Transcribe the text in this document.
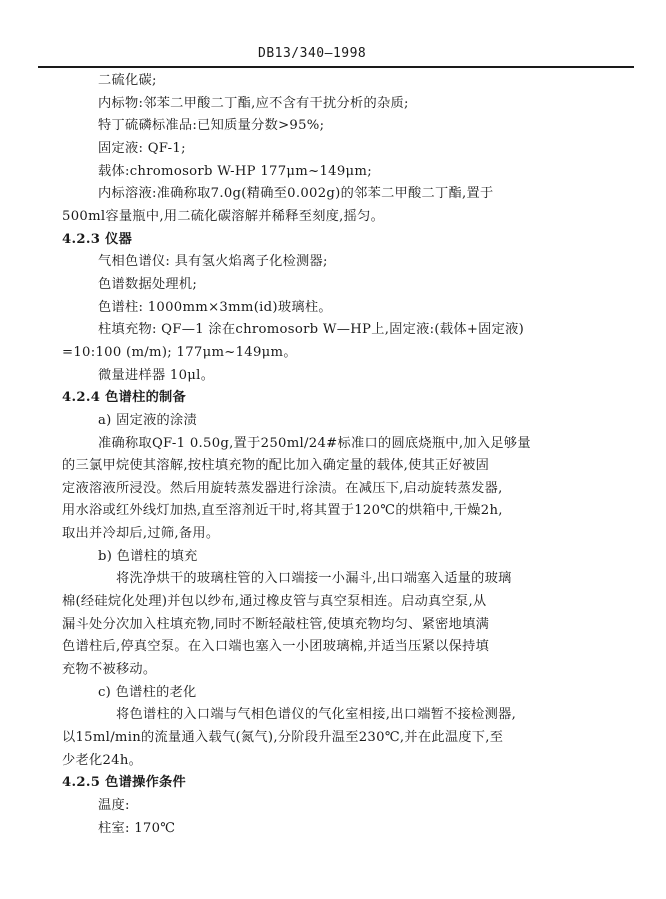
DB13/340—1998
二硫化碳;
内标物:邻苯二甲酸二丁酯,应不含有干扰分析的杂质;
特丁硫磷标准品:已知质量分数>95%;
固定液: QF-1;
载体:chromosorb W-HP 177μm~149μm;
内标溶液:准确称取7.0g(精确至0.002g)的邻苯二甲酸二丁酯,置于
500ml容量瓶中,用二硫化碳溶解并稀释至刻度,摇匀。
4.2.3 仪器
气相色谱仪: 具有氢火焰离子化检测器;
色谱数据处理机;
色谱柱: 1000mm×3mm(id)玻璃柱。
柱填充物: QF—1 涂在chromosorb W—HP上,固定液:(载体+固定液)
=10:100 (m/m); 177μm~149μm。
微量进样器 10μl。
4.2.4 色谱柱的制备
a) 固定液的涂渍
准确称取QF-1 0.50g,置于250ml/24#标准口的圆底烧瓶中,加入足够量
的三氯甲烷使其溶解,按柱填充物的配比加入确定量的载体,使其正好被固
定液溶液所浸没。然后用旋转蒸发器进行涂渍。在减压下,启动旋转蒸发器,
用水浴或红外线灯加热,直至溶剂近干时,将其置于120℃的烘箱中,干燥2h,
取出并冷却后,过筛,备用。
b) 色谱柱的填充
将洗净烘干的玻璃柱管的入口端接一小漏斗,出口端塞入适量的玻璃
棉(经硅烷化处理)并包以纱布,通过橡皮管与真空泵相连。启动真空泵,从
漏斗处分次加入柱填充物,同时不断轻敲柱管,使填充物均匀、紧密地填满
色谱柱后,停真空泵。在入口端也塞入一小团玻璃棉,并适当压紧以保持填
充物不被移动。
c) 色谱柱的老化
将色谱柱的入口端与气相色谱仪的气化室相接,出口端暂不接检测器,
以15ml/min的流量通入载气(氮气),分阶段升温至230℃,并在此温度下,至
少老化24h。
4.2.5 色谱操作条件
温度:
柱室: 170℃
